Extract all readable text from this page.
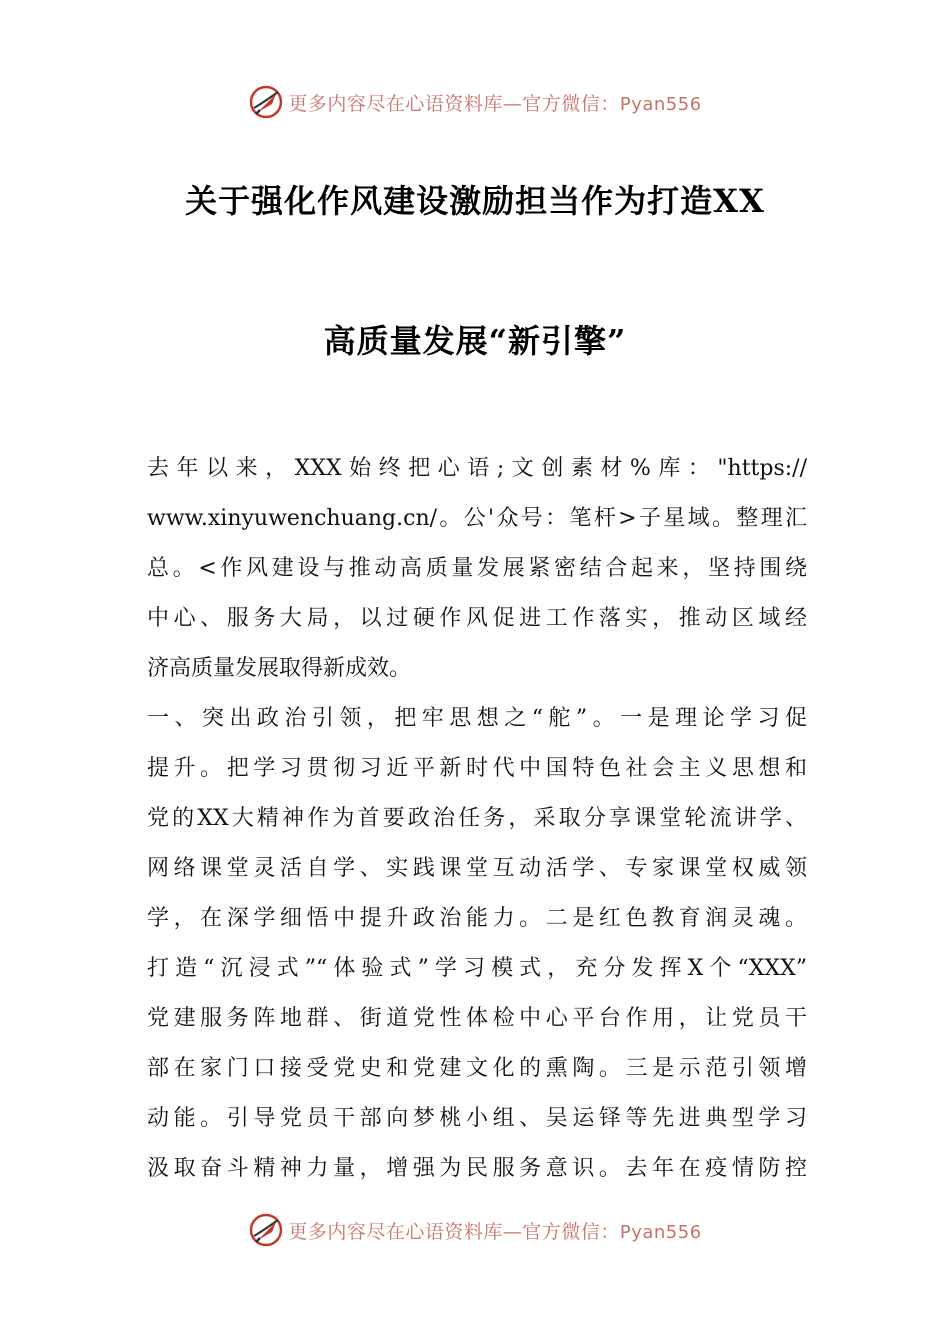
更多内容尽在心语资料库—官方微信：Pyan556
关于强化作风建设激励担当作为打造XX
高质量发展“新引擎”
去年以来，XXX始终把心语;文创素材%库："https://
www.xinyuwenchuang.cn/。公'众号：笔杆>子星域。整理汇
总。<作风建设与推动高质量发展紧密结合起来，坚持围绕
中心、服务大局，以过硬作风促进工作落实，推动区域经
济高质量发展取得新成效。
一、突出政治引领，把牢思想之“舵”。一是理论学习促
提升。把学习贯彻习近平新时代中国特色社会主义思想和
党的XX大精神作为首要政治任务，采取分享课堂轮流讲学、
网络课堂灵活自学、实践课堂互动活学、专家课堂权威领
学，在深学细悟中提升政治能力。二是红色教育润灵魂。
打造“沉浸式”“体验式”学习模式，充分发挥X个“XXX”
党建服务阵地群、街道党性体检中心平台作用，让党员干
部在家门口接受党史和党建文化的熏陶。三是示范引领增
动能。引导党员干部向梦桃小组、吴运铎等先进典型学习
汲取奋斗精神力量，增强为民服务意识。去年在疫情防控
更多内容尽在心语资料库—官方微信：Pyan556
